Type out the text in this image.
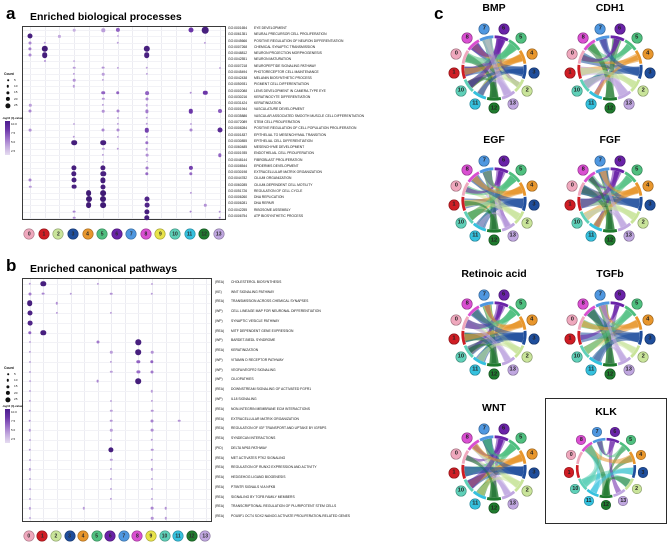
a Enriched biological processes
GO:0001654	EYE DEVELOPMENT
GO:0061351	NEURAL PRECURSOR CELL PROLIFERATION
GO:0045666	POSITIVE REGULATION OF NEURON DIFFERENTIATION
GO:0007268	CHEMICAL SYNAPTIC TRANSMISSION
GO:0048812	NEURON PROJECTION MORPHOGENESIS
GO:0042551	NEURON MATURATION
GO:0007218	NEUROPEPTIDE SIGNALING PATHWAY
GO:0045494	PHOTORECEPTOR CELL MAINTENANCE
GO:0042438	MELANIN BIOSYNTHETIC PROCESS
GO:0050931	PIGMENT CELL DIFFERENTIATION
GO:0002088	LENS DEVELOPMENT IN CAMERA-TYPE EYE
GO:0030216	KERATINOCYTE DIFFERENTIATION
GO:0031424	KERATINIZATION
GO:0001944	VASCULATURE DEVELOPMENT
GO:0035886	VASCULAR ASSOCIATED SMOOTH MUSCLE CELL DIFFERENTIATION
GO:0072089	STEM CELL PROLIFERATION
GO:0008284	POSITIVE REGULATION OF CELL POPULATION PROLIFERATION
GO:0001837	EPITHELIAL TO MESENCHYMAL TRANSITION
GO:0030855	EPITHELIAL CELL DIFFERENTIATION
GO:0060485	MESENCHYME DEVELOPMENT
GO:0001935	ENDOTHELIAL CELL PROLIFERATION
GO:0048144	FIBROBLAST PROLIFERATION
GO:0008544	EPIDERMIS DEVELOPMENT
GO:0030198	EXTRACELLULAR MATRIX ORGANIZATION
GO:0044782	CILIUM ORGANIZATION
GO:0060285	CILIUM-DEPENDENT CELL MOTILITY
GO:0051726	REGULATION OF CELL CYCLE
GO:0006260	DNA REPLICATION
GO:0006281	DNA REPAIR
GO:0042255	RIBOSOME ASSEMBLY
GO:0006754	ATP BIOSYNTHETIC PROCESS
0	1	2	3	4	5	6	7	8	9	10	11	12	13
Count
5
10
15
20
25
-log10 (Q-value)
10.0
7.5
5.0
2.5
b Enriched canonical pathways
(REA)	CHOLESTEROL BIOSYNTHESIS
(KE)	WNT SIGNALING PATHWAY
(REA)	TRANSMISSION ACROSS CHEMICAL SYNAPSES
(WP)	CELL LINEAGE MAP FOR NEURONAL DIFFERENTIATION
(WP)	SYNAPTIC VESICLE PATHWAY
(REA)	MITF DEPENDENT GENE EXPRESSION
(WP)	BARDET-BIEDL SYNDROME
(REA)	KERATINIZATION
(WP)	VITAMIN D RECEPTOR PATHWAY
(WP)	VEGFA/VEGFR2 SIGNALING
(WP)	CILIOPATHIES
(REA)	DOWNSTREAM SIGNALING OF ACTIVATED FGFR1
(WP)	IL18 SIGNALING
(REA)	NON-INTEGRIN MEMBRANE ECM INTERACTIONS
(REA)	EXTRACELLULAR MATRIX ORGANIZATION
(REA)	REGULATION OF IGF TRANSPORT AND UPTAKE BY IGFBPS
(REA)	SYNDECAN INTERACTIONS
(PID)	DELTA NP63 PATHWAY
(REA)	MET ACTIVATES PTK2 SIGNALING
(REA)	REGULATION OF RUNX2 EXPRESSION AND ACTIVITY
(REA)	HEDGEHOG LIGAND BIOGENESIS
(REA)	P75NTR SIGNALS VIA NFKB
(REA)	SIGNALING BY TGFB FAMILY MEMBERS
(REA)	TRANSCRIPTIONAL REGULATION OF PLURIPOTENT STEM CELLS
(REA)	POU5F1 OCT4 SOX2 NANOG ACTIVATE PROLIFERATION-RELATED GENES
0	1	2	3	4	5	6	7	8	9	10	11	12	13
Count
5
10
15
20
25
-log10 (Q-value)
10.0
7.5
5.0
2.5
c	BMP
6
5
4
3
2
13
12
11
10
1
0
8
7
CDH1
6
5
4
3
2
13
12
11
10
1
0
8
7
EGF
6
5
4
3
2
13
12
11
10
1
0
8
7
FGF
6
5
4
3
2
13
12
11
10
1
0
8
7
Retinoic acid
6
5
4
3
2
13
12
11
10
1
0
8
7
TGFb
6
5
4
3
2
13
12
11
10
1
0
8
7
WNT
6
5
4
3
2
13
12
11
10
1
0
8
7
KLK
6
5
4
3
2
13
12
11
10
1
0
8
7
